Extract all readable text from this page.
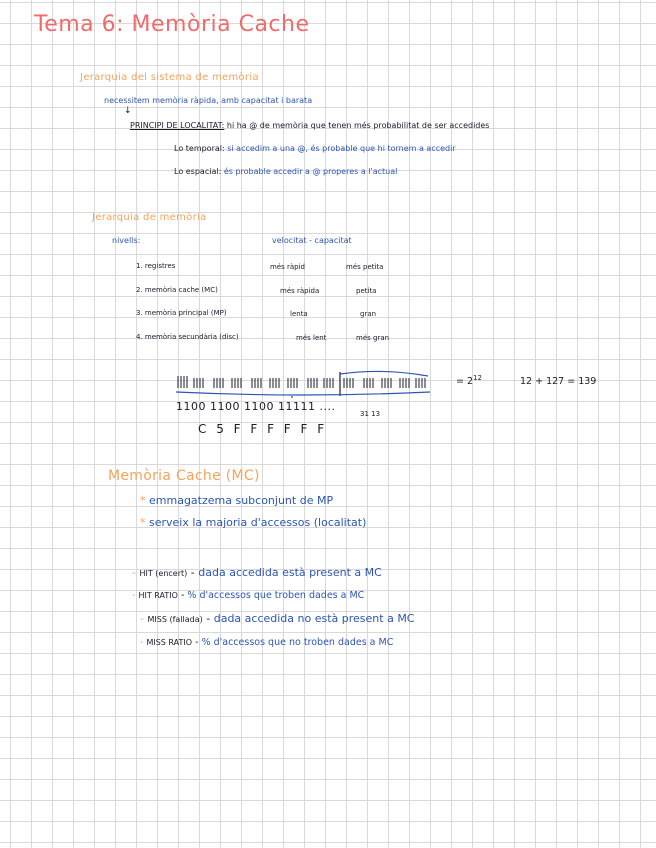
Tema 6: Memòria Cache
Jerarquia del sistema de memòria
necessitem memòria ràpida, amb capacitat i barata
↓
PRINCIPI DE LOCALITAT: hi ha @ de memòria que tenen més probabilitat de ser accedides
Lo temporal: si accedim a una @, és probable que hi tornem a accedir
Lo espacial: és probable accedir a @ properes a l'actual
Jerarquia de memòria
nivells:	velocitat - capacitat
1. registres	més ràpid	més petita
2. memòria cache (MC)	més ràpida	petita
3. memòria principal (MP)	lenta	gran
4. memòria secundària (disc)	més lent	més gran
= $2^{12}$	12 + 127 = 139
1100 1100 1100 11111 ....
31 13
C 5 F F F F F F
Memòria Cache (MC)
* emmagatzema subconjunt de MP
* serveix la majoria d'accessos (localitat)
- HIT (encert) - dada accedida està present a MC
- HIT RATIO - % d'accessos que troben dades a MC
- MISS (fallada) - dada accedida no està present a MC
- MISS RATIO - % d'accessos que no troben dades a MC
